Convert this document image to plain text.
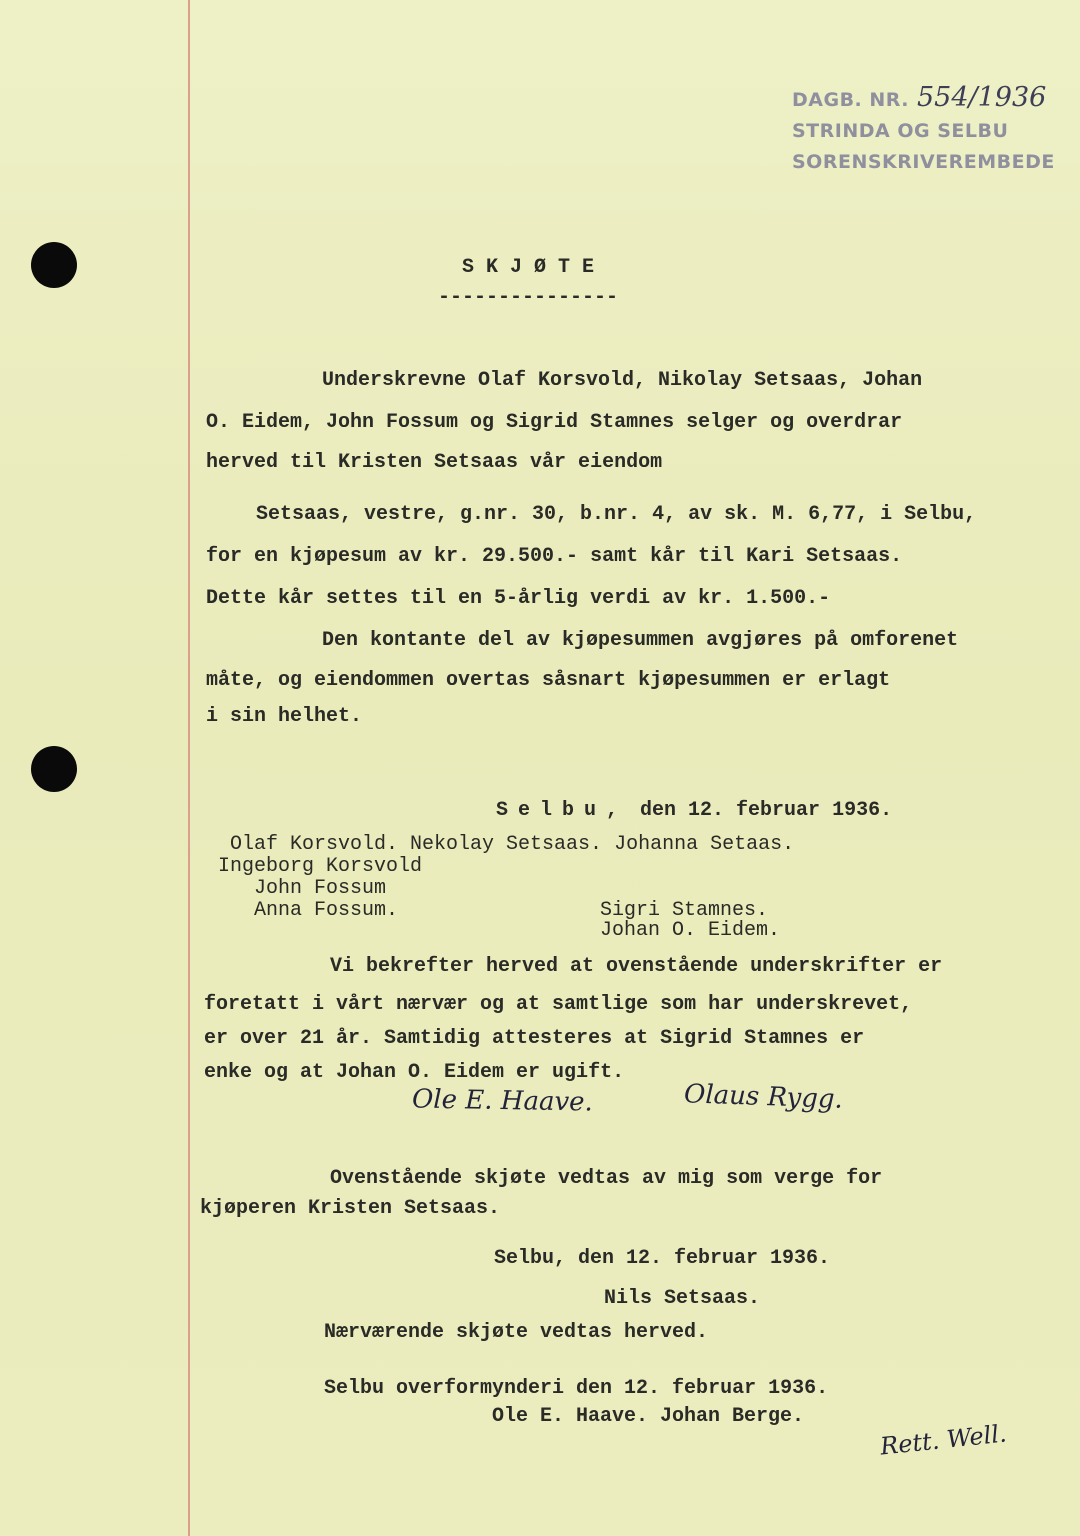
DAGB. NR. 554/1936
STRINDA OG SELBU
SORENSKRIVEREMBEDE
SKJØTE
---------------
Underskrevne Olaf Korsvold, Nikolay Setsaas, Johan
O. Eidem, John Fossum og Sigrid Stamnes selger og overdrar
herved til Kristen Setsaas vår eiendom
Setsaas, vestre, g.nr. 30, b.nr. 4, av sk. M. 6,77, i Selbu,
for en kjøpesum av kr. 29.500.- samt kår til Kari Setsaas.
Dette kår settes til en 5-årlig verdi av kr. 1.500.-
Den kontante del av kjøpesummen avgjøres på omforenet
måte, og eiendommen overtas såsnart kjøpesummen er erlagt
i sin helhet.
Selbu, den 12. februar 1936.
Olaf Korsvold. Nekolay Setsaas. Johanna Setaas.
Ingeborg Korsvold
John Fossum
Anna Fossum.	Sigri Stamnes.
Johan O. Eidem.
Vi bekrefter herved at ovenstående underskrifter er
foretatt i vårt nærvær og at samtlige som har underskrevet,
er over 21 år. Samtidig attesteres at Sigrid Stamnes er
enke og at Johan O. Eidem er ugift.
Ole E. Haave.	Olaus Rygg.
Ovenstående skjøte vedtas av mig som verge for
kjøperen Kristen Setsaas.
Selbu, den 12. februar 1936.
Nils Setsaas.
Nærværende skjøte vedtas herved.
Selbu overformynderi den 12. februar 1936.
Ole E. Haave. Johan Berge.
Rett. Well.
